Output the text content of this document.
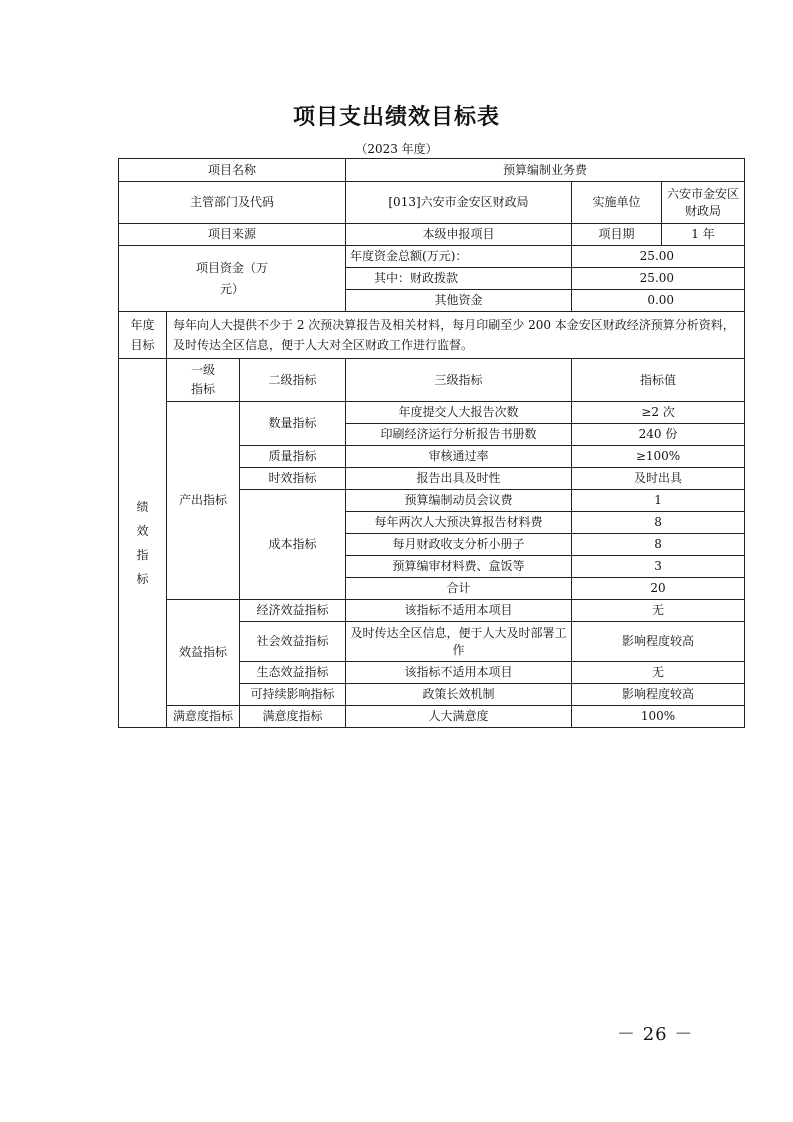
项目支出绩效目标表
（2023 年度）
项目名称			预算编制业务费		
主管部门及代码			[013]六安市金安区财政局	实施单位	六安市金安区财政局
项目来源			本级申报项目	项目期	1 年
项目资金（万元）			年度资金总额(万元)：	25.00	
			其中：财政拨款	25.00	
			其他资金	0.00	
年度目标	每年向人大提供不少于 2 次预决算报告及相关材料，每月印刷至少 200 本金安区财政经济预算分析资料，及时传达全区信息，便于人大对全区财政工作进行监督。				
绩效指标	一级指标	二级指标	三级指标	指标值	
	产出指标	数量指标	年度提交人大报告次数	≥2 次	
			印刷经济运行分析报告书册数	240 份	
		质量指标	审核通过率	≥100%	
		时效指标	报告出具及时性	及时出具	
		成本指标	预算编制动员会议费	1	
			每年两次人大预决算报告材料费	8	
			每月财政收支分析小册子	8	
			预算编审材料费、盒饭等	3	
			合计	20	
	效益指标	经济效益指标	该指标不适用本项目	无	
		社会效益指标	及时传达全区信息，便于人大及时部署工作	影响程度较高	
		生态效益指标	该指标不适用本项目	无	
		可持续影响指标	政策长效机制	影响程度较高	
	满意度指标	满意度指标	人大满意度	100%	
－ 26 －
